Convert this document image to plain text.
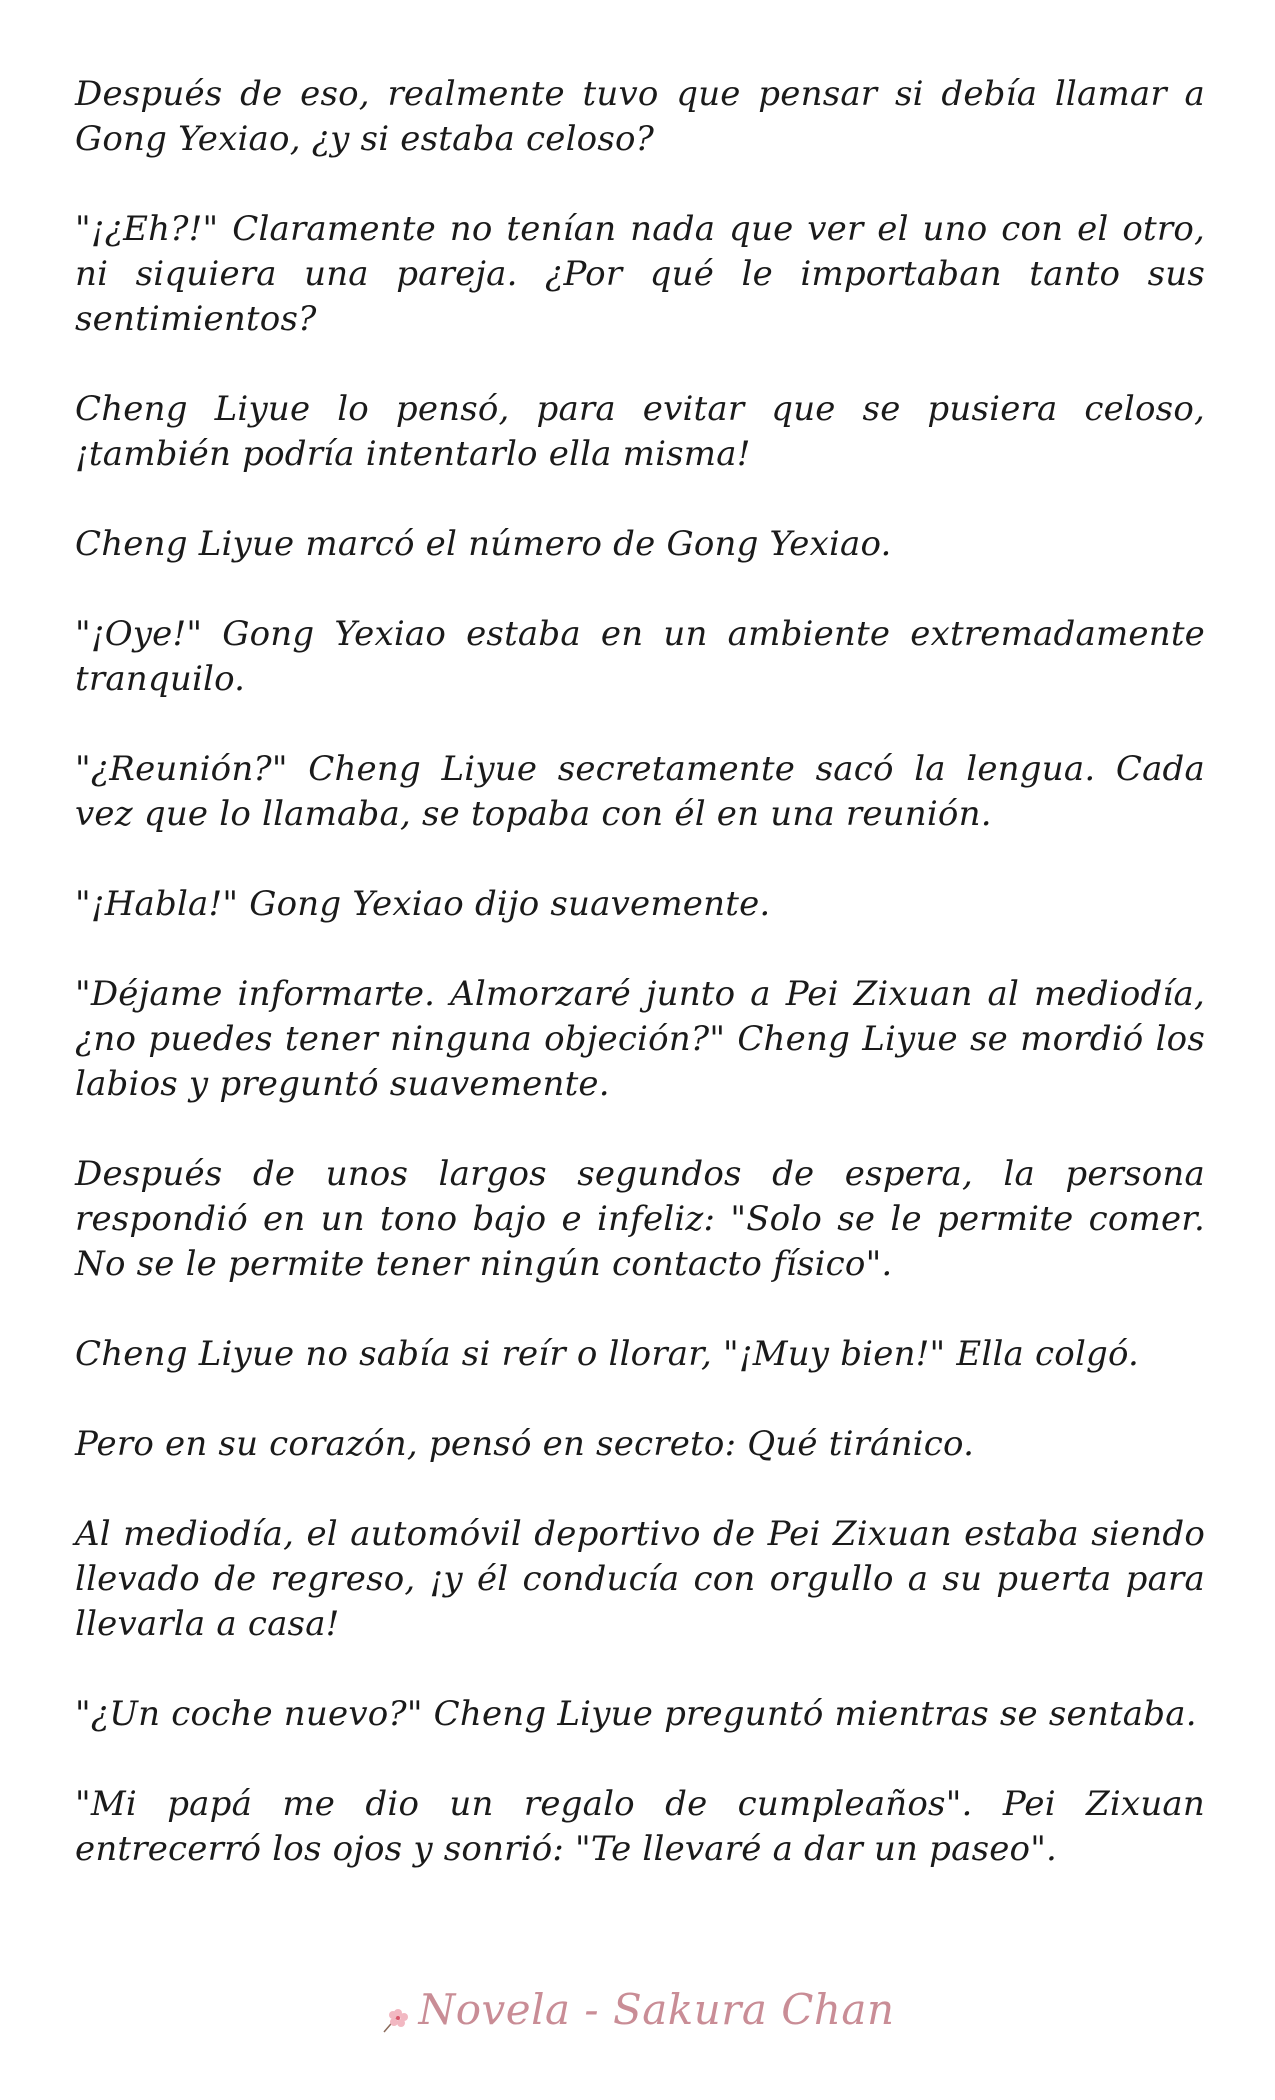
Después de eso, realmente tuvo que pensar si debía llamar a Gong Yexiao, ¿y si estaba celoso?

"¡¿Eh?!" Claramente no tenían nada que ver el uno con el otro, ni siquiera una pareja. ¿Por qué le importaban tanto sus sentimientos?

Cheng Liyue lo pensó, para evitar que se pusiera celoso, ¡también podría intentarlo ella misma!

Cheng Liyue marcó el número de Gong Yexiao.

"¡Oye!" Gong Yexiao estaba en un ambiente extremadamente tranquilo.

"¿Reunión?" Cheng Liyue secretamente sacó la lengua. Cada vez que lo llamaba, se topaba con él en una reunión.

"¡Habla!" Gong Yexiao dijo suavemente.

"Déjame informarte. Almorzaré junto a Pei Zixuan al mediodía, ¿no puedes tener ninguna objeción?" Cheng Liyue se mordió los labios y preguntó suavemente.

Después de unos largos segundos de espera, la persona respondió en un tono bajo e infeliz: "Solo se le permite comer. No se le permite tener ningún contacto físico".

Cheng Liyue no sabía si reír o llorar, "¡Muy bien!" Ella colgó.

Pero en su corazón, pensó en secreto: Qué tiránico.

Al mediodía, el automóvil deportivo de Pei Zixuan estaba siendo llevado de regreso, ¡y él conducía con orgullo a su puerta para llevarla a casa!

"¿Un coche nuevo?" Cheng Liyue preguntó mientras se sentaba.

"Mi papá me dio un regalo de cumpleaños". Pei Zixuan entrecerró los ojos y sonrió: "Te llevaré a dar un paseo".

Novela - Sakura Chan
